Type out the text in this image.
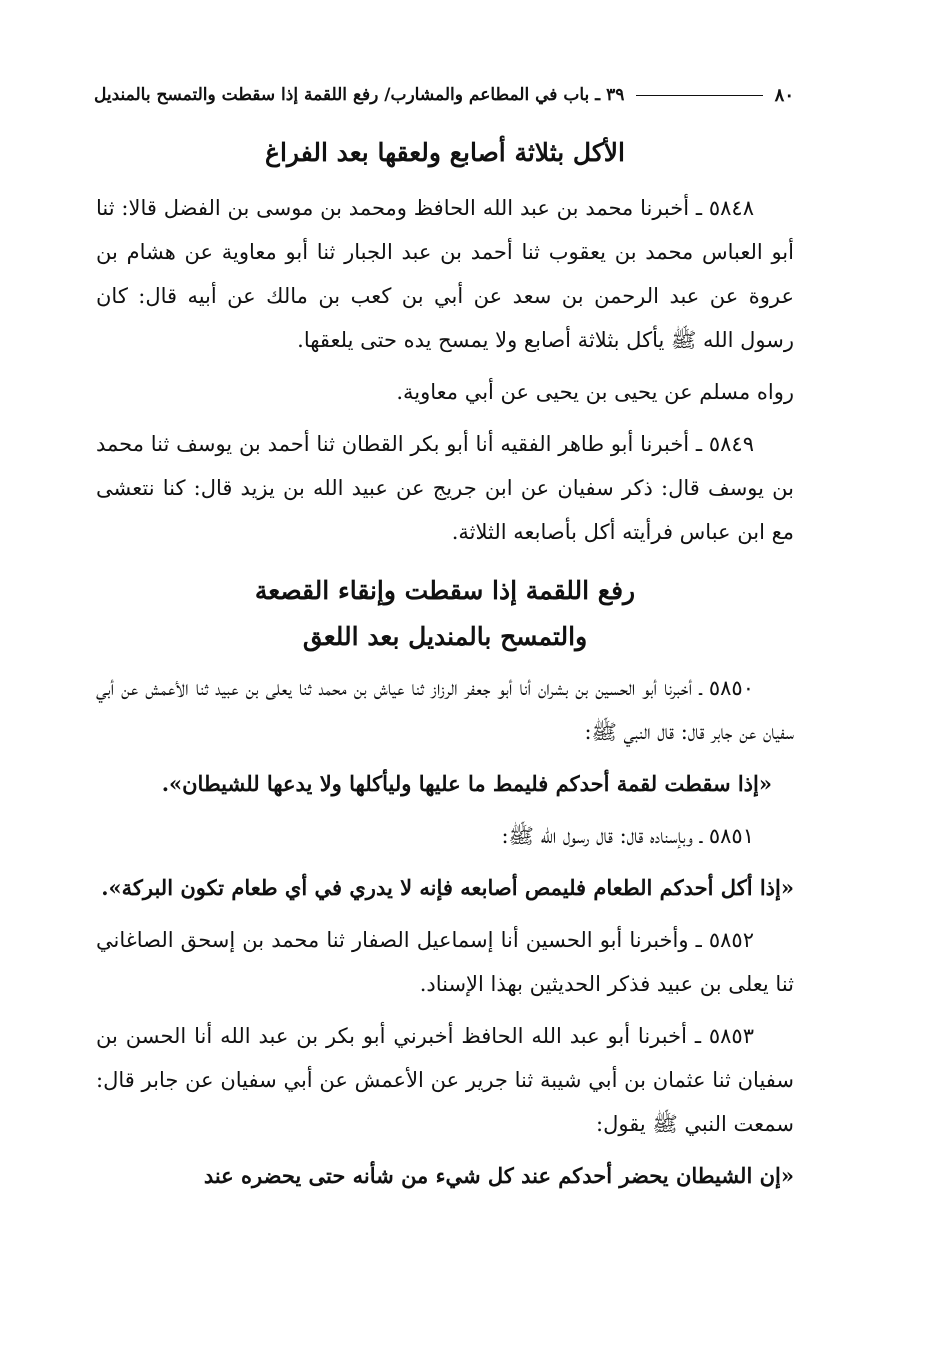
٨٠
٣٩ ـ باب في المطاعم والمشارب/ رفع اللقمة إذا سقطت والتمسح بالمنديل
الأكل بثلاثة أصابع ولعقها بعد الفراغ

٥٨٤٨ ـ أخبرنا محمد بن عبد الله الحافظ ومحمد بن موسى بن الفضل قالا: ثنا أبو العباس محمد بن يعقوب ثنا أحمد بن عبد الجبار ثنا أبو معاوية عن هشام بن عروة عن عبد الرحمن بن سعد عن أبي بن كعب بن مالك عن أبيه قال: كان رسول الله ﷺ يأكل بثلاثة أصابع ولا يمسح يده حتى يلعقها.

رواه مسلم عن يحيى بن يحيى عن أبي معاوية.

٥٨٤٩ ـ أخبرنا أبو طاهر الفقيه أنا أبو بكر القطان ثنا أحمد بن يوسف ثنا محمد بن يوسف قال: ذكر سفيان عن ابن جريج عن عبيد الله بن يزيد قال: كنا نتعشى مع ابن عباس فرأيته أكل بأصابعه الثلاثة.

رفع اللقمة إذا سقطت وإنقاء القصعة
والتمسح بالمنديل بعد اللعق

٥٨٥٠ ـ أخبرنا أبو الحسين بن بشران أنا أبو جعفر الرزاز ثنا عياش بن محمد ثنا يعلى بن عبيد ثنا الأعمش عن أبي سفيان عن جابر قال: قال النبي ﷺ:

«إذا سقطت لقمة أحدكم فليمط ما عليها وليأكلها ولا يدعها للشيطان».

٥٨٥١ ـ وبإسناده قال: قال رسول الله ﷺ:

«إذا أكل أحدكم الطعام فليمص أصابعه فإنه لا يدري في أي طعام تكون البركة».

٥٨٥٢ ـ وأخبرنا أبو الحسين أنا إسماعيل الصفار ثنا محمد بن إسحق الصاغاني ثنا يعلى بن عبيد فذكر الحديثين بهذا الإسناد.

٥٨٥٣ ـ أخبرنا أبو عبد الله الحافظ أخبرني أبو بكر بن عبد الله أنا الحسن بن سفيان ثنا عثمان بن أبي شيبة ثنا جرير عن الأعمش عن أبي سفيان عن جابر قال: سمعت النبي ﷺ يقول:

«إن الشيطان يحضر أحدكم عند كل شيء من شأنه حتى يحضره عند
